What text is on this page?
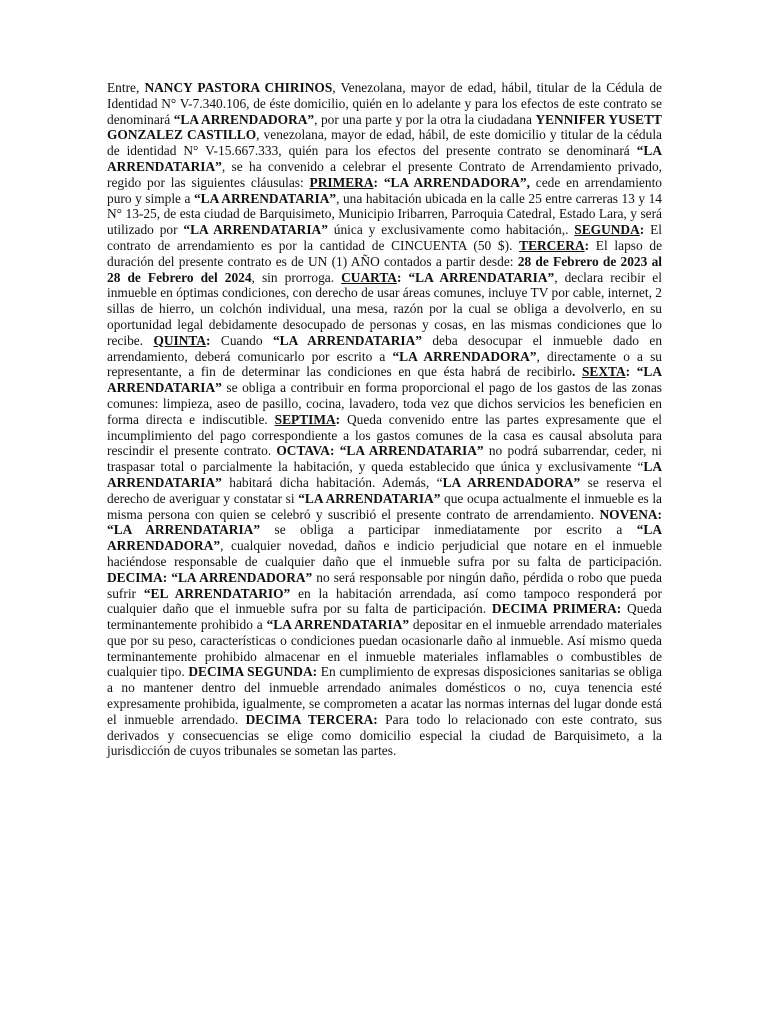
Entre, NANCY PASTORA CHIRINOS, Venezolana, mayor de edad, hábil, titular de la Cédula de Identidad N° V-7.340.106, de éste domicilio, quién en lo adelante y para los efectos de este contrato se denominará “LA ARRENDADORA”, por una parte y por la otra la ciudadana YENNIFER YUSETT GONZALEZ CASTILLO, venezolana, mayor de edad, hábil, de este domicilio y titular de la cédula de identidad N° V-15.667.333, quién para los efectos del presente contrato se denominará “LA ARRENDATARIA”, se ha convenido a celebrar el presente Contrato de Arrendamiento privado, regido por las siguientes cláusulas: PRIMERA: “LA ARRENDADORA”, cede en arrendamiento puro y simple a “LA ARRENDATARIA”, una habitación ubicada en la calle 25 entre carreras 13 y 14 N° 13-25, de esta ciudad de Barquisimeto, Municipio Iribarren, Parroquia Catedral, Estado Lara, y será utilizado por “LA ARRENDATARIA” única y exclusivamente como habitación,. SEGUNDA: El contrato de arrendamiento es por la cantidad de CINCUENTA (50 $). TERCERA: El lapso de duración del presente contrato es de UN (1) AÑO contados a partir desde: 28 de Febrero de 2023 al 28 de Febrero del 2024, sin prorroga. CUARTA: “LA ARRENDATARIA”, declara recibir el inmueble en óptimas condiciones, con derecho de usar áreas comunes, incluye TV por cable, internet, 2 sillas de hierro, un colchón individual, una mesa, razón por la cual se obliga a devolverlo, en su oportunidad legal debidamente desocupado de personas y cosas, en las mismas condiciones que lo recibe. QUINTA: Cuando “LA ARRENDATARIA” deba desocupar el inmueble dado en arrendamiento, deberá comunicarlo por escrito a “LA ARRENDADORA”, directamente o a su representante, a fin de determinar las condiciones en que ésta habrá de recibirlo. SEXTA: “LA ARRENDATARIA” se obliga a contribuir en forma proporcional el pago de los gastos de las zonas comunes: limpieza, aseo de pasillo, cocina, lavadero, toda vez que dichos servicios les beneficien en forma directa e indiscutible. SEPTIMA: Queda convenido entre las partes expresamente que el incumplimiento del pago correspondiente a los gastos comunes de la casa es causal absoluta para rescindir el presente contrato. OCTAVA: “LA ARRENDATARIA” no podrá subarrendar, ceder, ni traspasar total o parcialmente la habitación, y queda establecido que única y exclusivamente “LA ARRENDATARIA” habitará dicha habitación. Además, “LA ARRENDADORA” se reserva el derecho de averiguar y constatar si “LA ARRENDATARIA” que ocupa actualmente el inmueble es la misma persona con quien se celebró y suscribió el presente contrato de arrendamiento. NOVENA: “LA ARRENDATARIA” se obliga a participar inmediatamente por escrito a “LA ARRENDADORA”, cualquier novedad, daños e indicio perjudicial que notare en el inmueble haciéndose responsable de cualquier daño que el inmueble sufra por su falta de participación. DECIMA: “LA ARRENDADORA” no será responsable por ningún daño, pérdida o robo que pueda sufrir “EL ARRENDATARIO” en la habitación arrendada, así como tampoco responderá por cualquier daño que el inmueble sufra por su falta de participación. DECIMA PRIMERA: Queda terminantemente prohibido a “LA ARRENDATARIA” depositar en el inmueble arrendado materiales que por su peso, características o condiciones puedan ocasionarle daño al inmueble. Así mismo queda terminantemente prohibido almacenar en el inmueble materiales inflamables o combustibles de cualquier tipo. DECIMA SEGUNDA: En cumplimiento de expresas disposiciones sanitarias se obliga a no mantener dentro del inmueble arrendado animales domésticos o no, cuya tenencia esté expresamente prohibida, igualmente, se comprometen a acatar las normas internas del lugar donde está el inmueble arrendado. DECIMA TERCERA: Para todo lo relacionado con este contrato, sus derivados y consecuencias se elige como domicilio especial la ciudad de Barquisimeto, a la jurisdicción de cuyos tribunales se sometan las partes.
